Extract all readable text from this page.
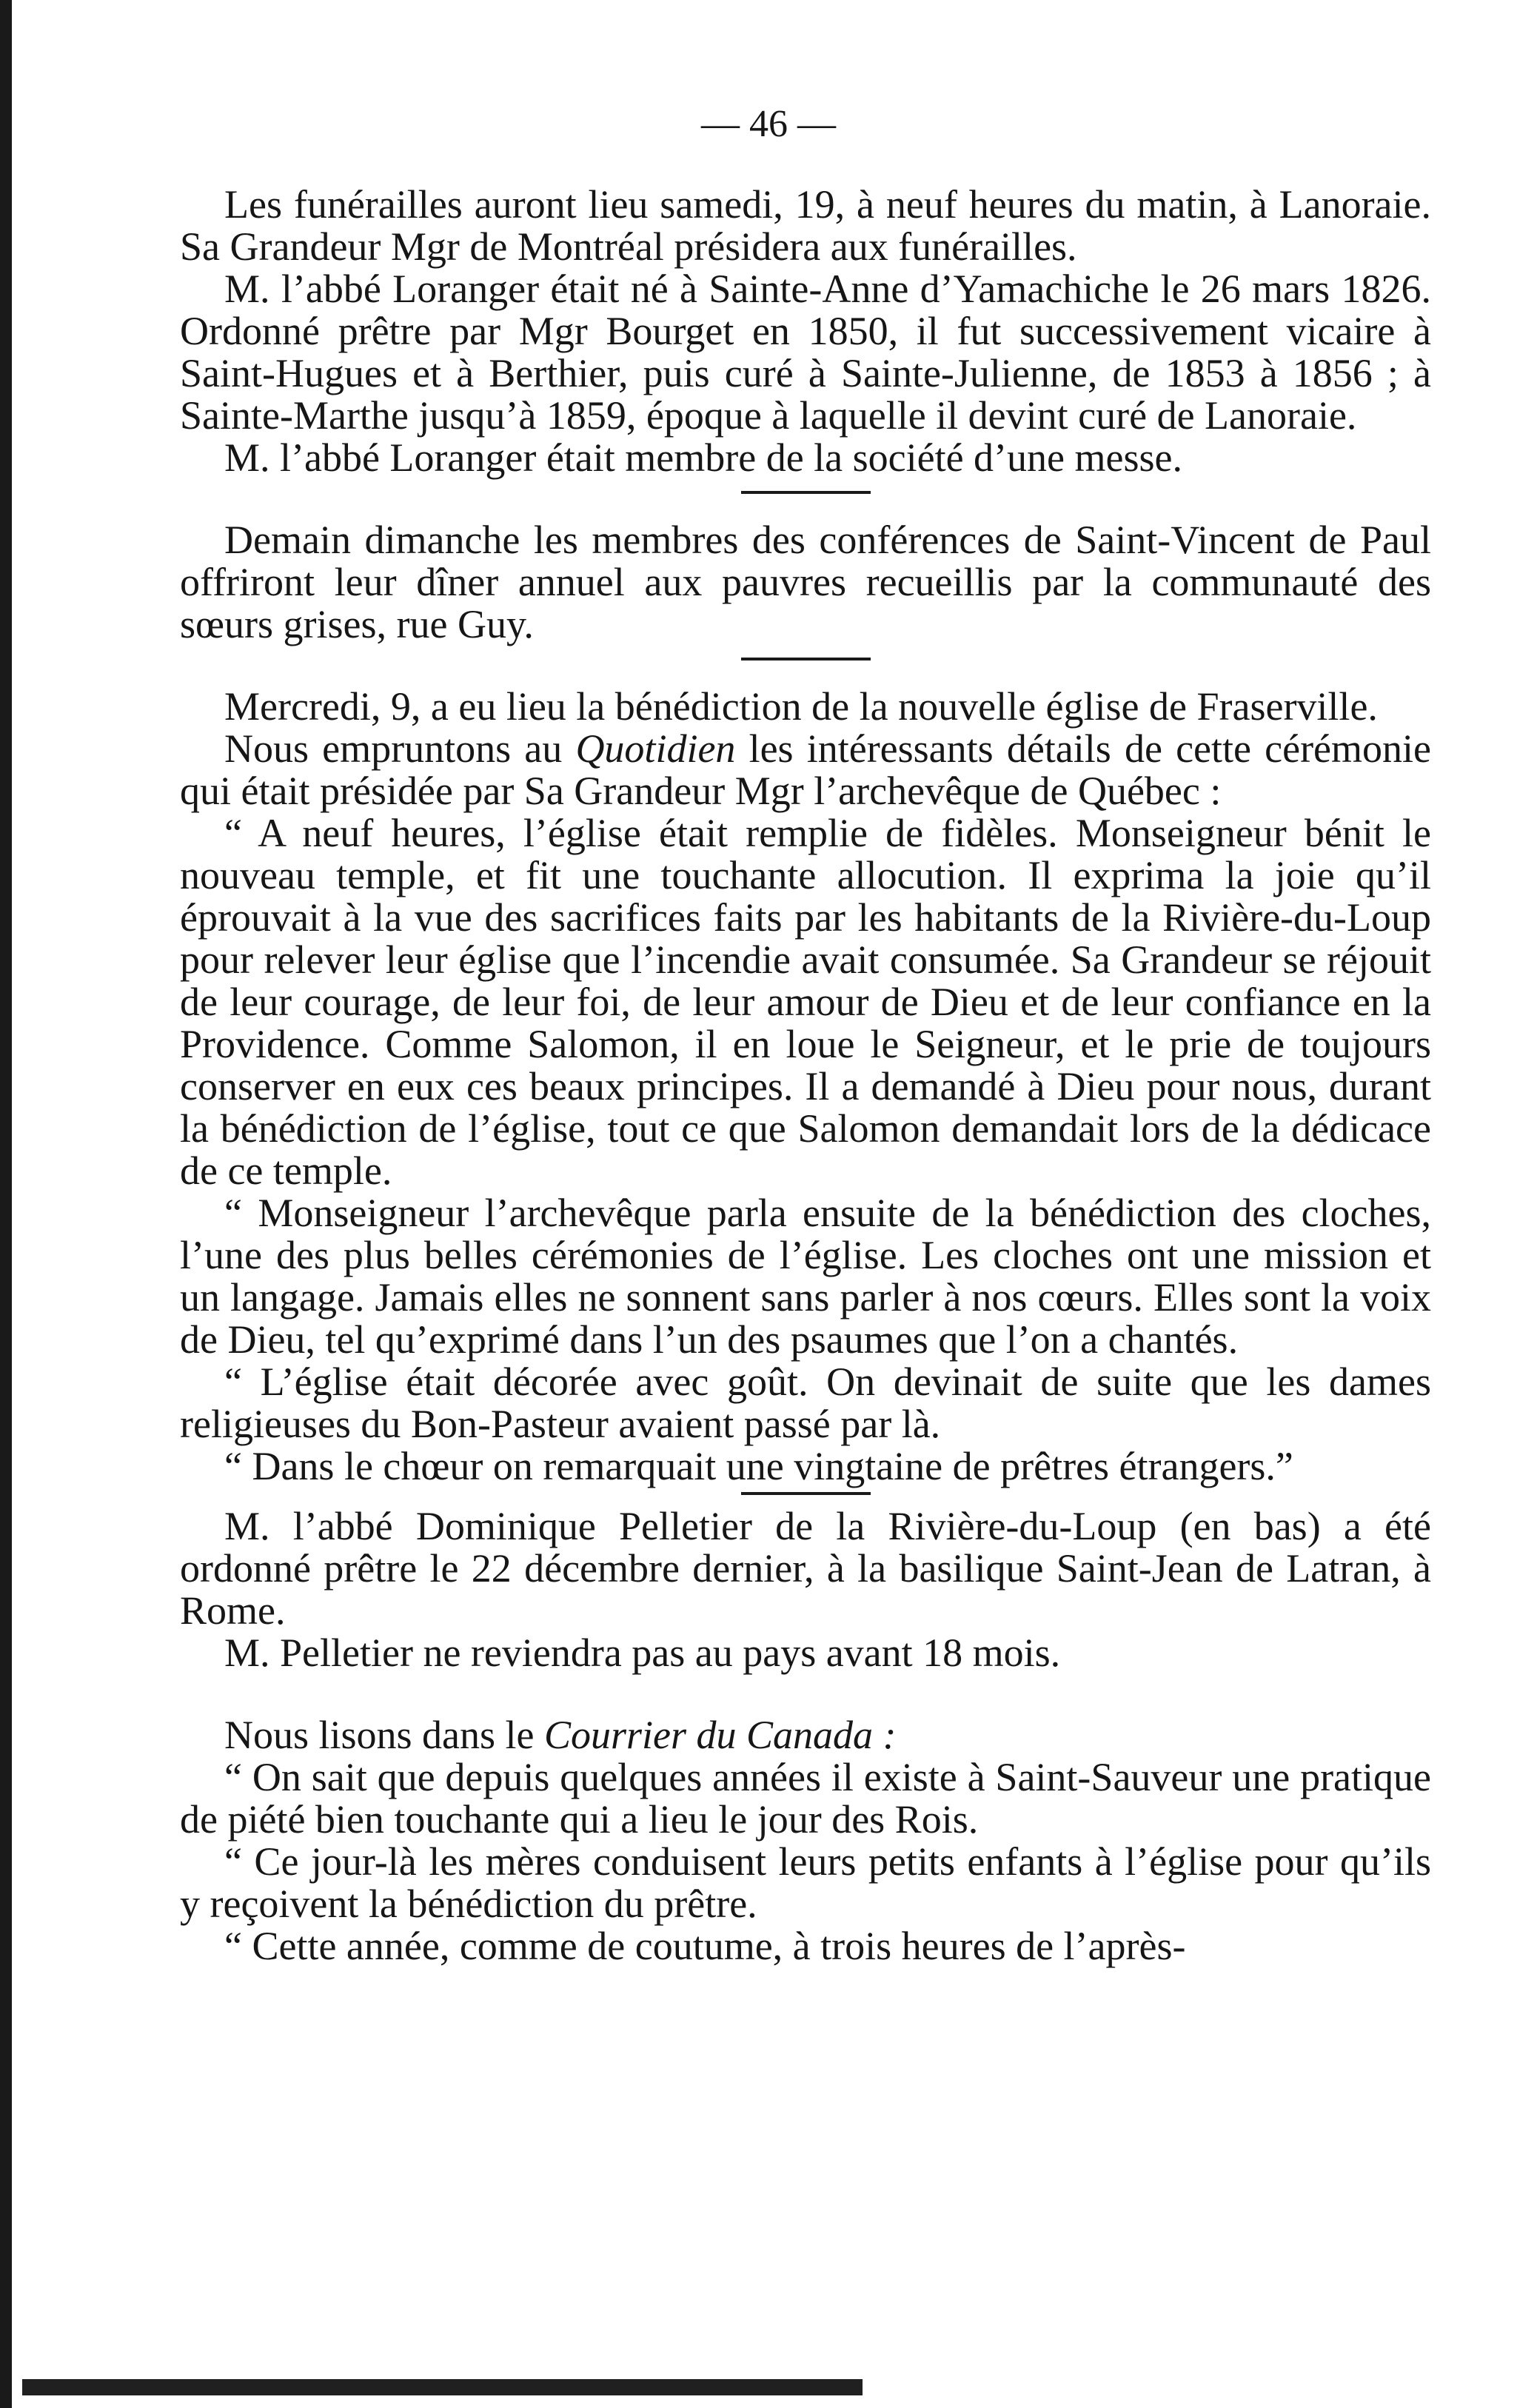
— 46 —

Les funérailles auront lieu samedi, 19, à neuf heures du matin, à Lanoraie. Sa Grandeur Mgr de Montréal présidera aux funérailles.

M. l’abbé Loranger était né à Sainte-Anne d’Yamachiche le 26 mars 1826. Ordonné prêtre par Mgr Bourget en 1850, il fut successivement vicaire à Saint-Hugues et à Berthier, puis curé à Sainte-Julienne, de 1853 à 1856 ; à Sainte-Marthe jusqu’à 1859, époque à laquelle il devint curé de Lanoraie.

M. l’abbé Loranger était membre de la société d’une messe.

Demain dimanche les membres des conférences de Saint-Vincent de Paul offriront leur dîner annuel aux pauvres recueillis par la communauté des sœurs grises, rue Guy.

Mercredi, 9, a eu lieu la bénédiction de la nouvelle église de Fraserville.

Nous empruntons au Quotidien les intéressants détails de cette cérémonie qui était présidée par Sa Grandeur Mgr l’archevêque de Québec :

“ A neuf heures, l’église était remplie de fidèles. Monseigneur bénit le nouveau temple, et fit une touchante allocution. Il exprima la joie qu’il éprouvait à la vue des sacrifices faits par les habitants de la Rivière-du-Loup pour relever leur église que l’incendie avait consumée. Sa Grandeur se réjouit de leur courage, de leur foi, de leur amour de Dieu et de leur confiance en la Providence. Comme Salomon, il en loue le Seigneur, et le prie de toujours conserver en eux ces beaux principes. Il a demandé à Dieu pour nous, durant la bénédiction de l’église, tout ce que Salomon demandait lors de la dédicace de ce temple.

“ Monseigneur l’archevêque parla ensuite de la bénédiction des cloches, l’une des plus belles cérémonies de l’église. Les cloches ont une mission et un langage. Jamais elles ne sonnent sans parler à nos cœurs. Elles sont la voix de Dieu, tel qu’exprimé dans l’un des psaumes que l’on a chantés.

“ L’église était décorée avec goût. On devinait de suite que les dames religieuses du Bon-Pasteur avaient passé par là.

“ Dans le chœur on remarquait une vingtaine de prêtres étrangers.”

M. l’abbé Dominique Pelletier de la Rivière-du-Loup (en bas) a été ordonné prêtre le 22 décembre dernier, à la basilique Saint-Jean de Latran, à Rome.

M. Pelletier ne reviendra pas au pays avant 18 mois.

Nous lisons dans le Courrier du Canada :

“ On sait que depuis quelques années il existe à Saint-Sauveur une pratique de piété bien touchante qui a lieu le jour des Rois.

“ Ce jour-là les mères conduisent leurs petits enfants à l’église pour qu’ils y reçoivent la bénédiction du prêtre.

“ Cette année, comme de coutume, à trois heures de l’après-
